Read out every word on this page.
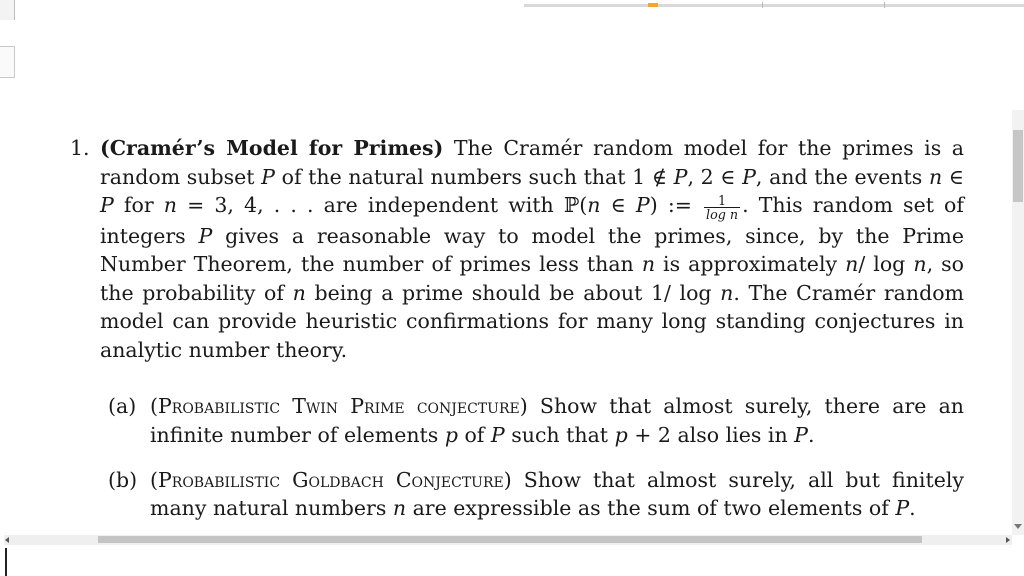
1. (Cramér’s Model for Primes) The Cramér random model for the primes is a random subset P of the natural numbers such that 1 ∉ P, 2 ∈ P, and the events n ∈ P for n = 3, 4, . . . are independent with ℙ(n ∈ P) := $\frac{1}{\text{log n}}$ . This random set of integers P gives a reasonable way to model the primes, since, by the Prime Number Theorem, the number of primes less than n is approximately n/ log n, so the probability of n being a prime should be about 1/ log n. The Cramér random model can provide heuristic confirmations for many long standing conjectures in analytic number theory.
(a) (Probabilistic Twin Prime conjecture) Show that almost surely, there are an infinite number of elements p of P such that p + 2 also lies in P.
(b) (Probabilistic Goldbach Conjecture) Show that almost surely, all but finitely many natural numbers n are expressible as the sum of two elements of P.
